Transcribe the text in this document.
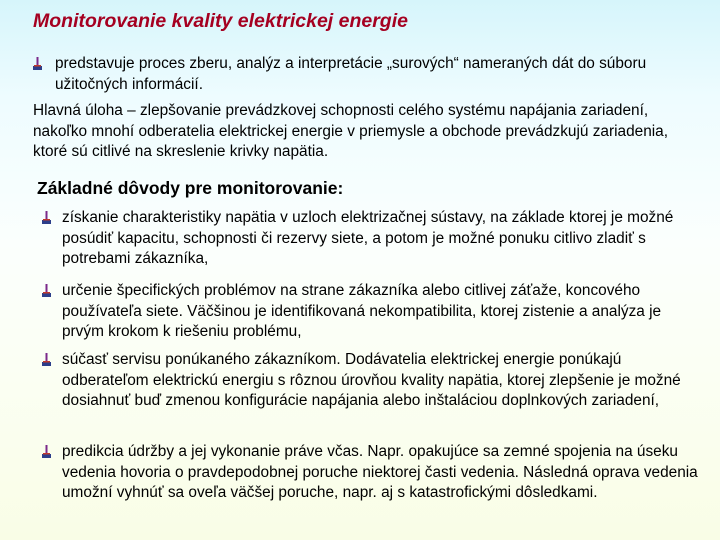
Monitorovanie kvality elektrickej energie

predstavuje proces zberu, analýz a interpretácie „surových“ nameraných dát do súboru užitočných informácií.

Hlavná úloha – zlepšovanie prevádzkovej schopnosti celého systému napájania zariadení, nakoľko mnohí odberatelia elektrickej energie v priemysle a obchode prevádzkujú zariadenia, ktoré sú citlivé na skreslenie krivky napätia.

Základné dôvody pre monitorovanie:

získanie charakteristiky napätia v uzloch elektrizačnej sústavy, na základe ktorej je možné posúdiť kapacitu, schopnosti či rezervy siete, a potom je možné ponuku citlivo zladiť s potrebami zákazníka,

určenie špecifických problémov na strane zákazníka alebo citlivej záťaže, koncového používateľa siete. Väčšinou je identifikovaná nekompatibilita, ktorej zistenie a analýza je prvým krokom k riešeniu problému,

súčasť servisu ponúkaného zákazníkom. Dodávatelia elektrickej energie ponúkajú odberateľom elektrickú energiu s rôznou úrovňou kvality napätia, ktorej zlepšenie je možné dosiahnuť buď zmenou konfigurácie napájania alebo inštaláciou doplnkových zariadení,

predikcia údržby a jej vykonanie práve včas. Napr. opakujúce sa zemné spojenia na úseku vedenia hovoria o pravdepodobnej poruche niektorej časti vedenia. Následná oprava vedenia umožní vyhnúť sa oveľa väčšej poruche, napr. aj s katastrofickými dôsledkami.
